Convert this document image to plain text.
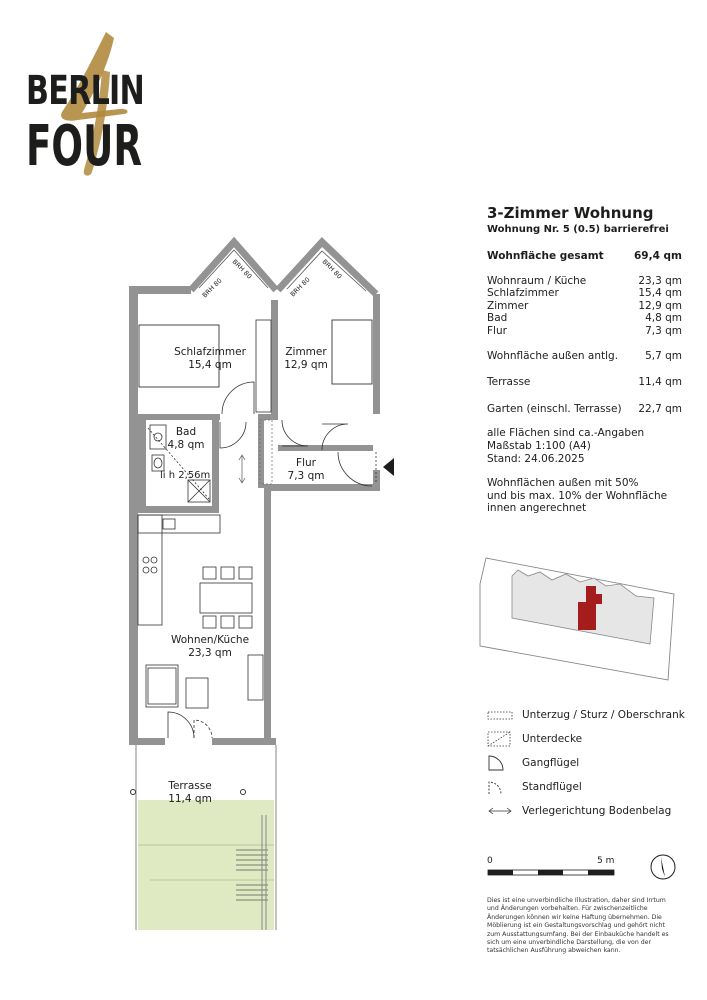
BERLIN
FOUR
BRH 80
BRH 80
BRH 80
BRH 80
Schlafzimmer
15,4 qm
Zimmer
12,9 qm
Bad
4,8 qm
li h 2,56m
Flur
7,3 qm
Wohnen/Küche
23,3 qm
Terrasse
11,4 qm
3-Zimmer Wohnung
Wohnung Nr. 5 (0.5) barrierefrei
Wohnfläche gesamt	69,4 qm
Wohnraum / Küche	23,3 qm
Schlafzimmer	15,4 qm
Zimmer	12,9 qm
Bad	4,8 qm
Flur	7,3 qm
Wohnfläche außen antlg.	5,7 qm
Terrasse	11,4 qm
Garten (einschl. Terrasse) 22,7 qm
alle Flächen sind ca.-Angaben
Maßstab 1:100 (A4)
Stand: 24.06.2025
Wohnflächen außen mit 50%
und bis max. 10% der Wohnfläche
innen angerechnet
Unterzug / Sturz / Oberschrank
Unterdecke
Gangflügel
Standflügel
Verlegerichtung Bodenbelag
0	5 m
Dies ist eine unverbindliche Illustration, daher sind Irrtum und Änderungen vorbehalten. Für zwischenzeitliche Änderungen können wir keine Haftung übernehmen. Die Möblierung ist ein Gestaltungsvorschlag und gehört nicht zum Ausstattungsumfang. Bei der Einbauküche handelt es sich um eine unverbindliche Darstellung, die von der tatsächlichen Ausführung abweichen kann.
